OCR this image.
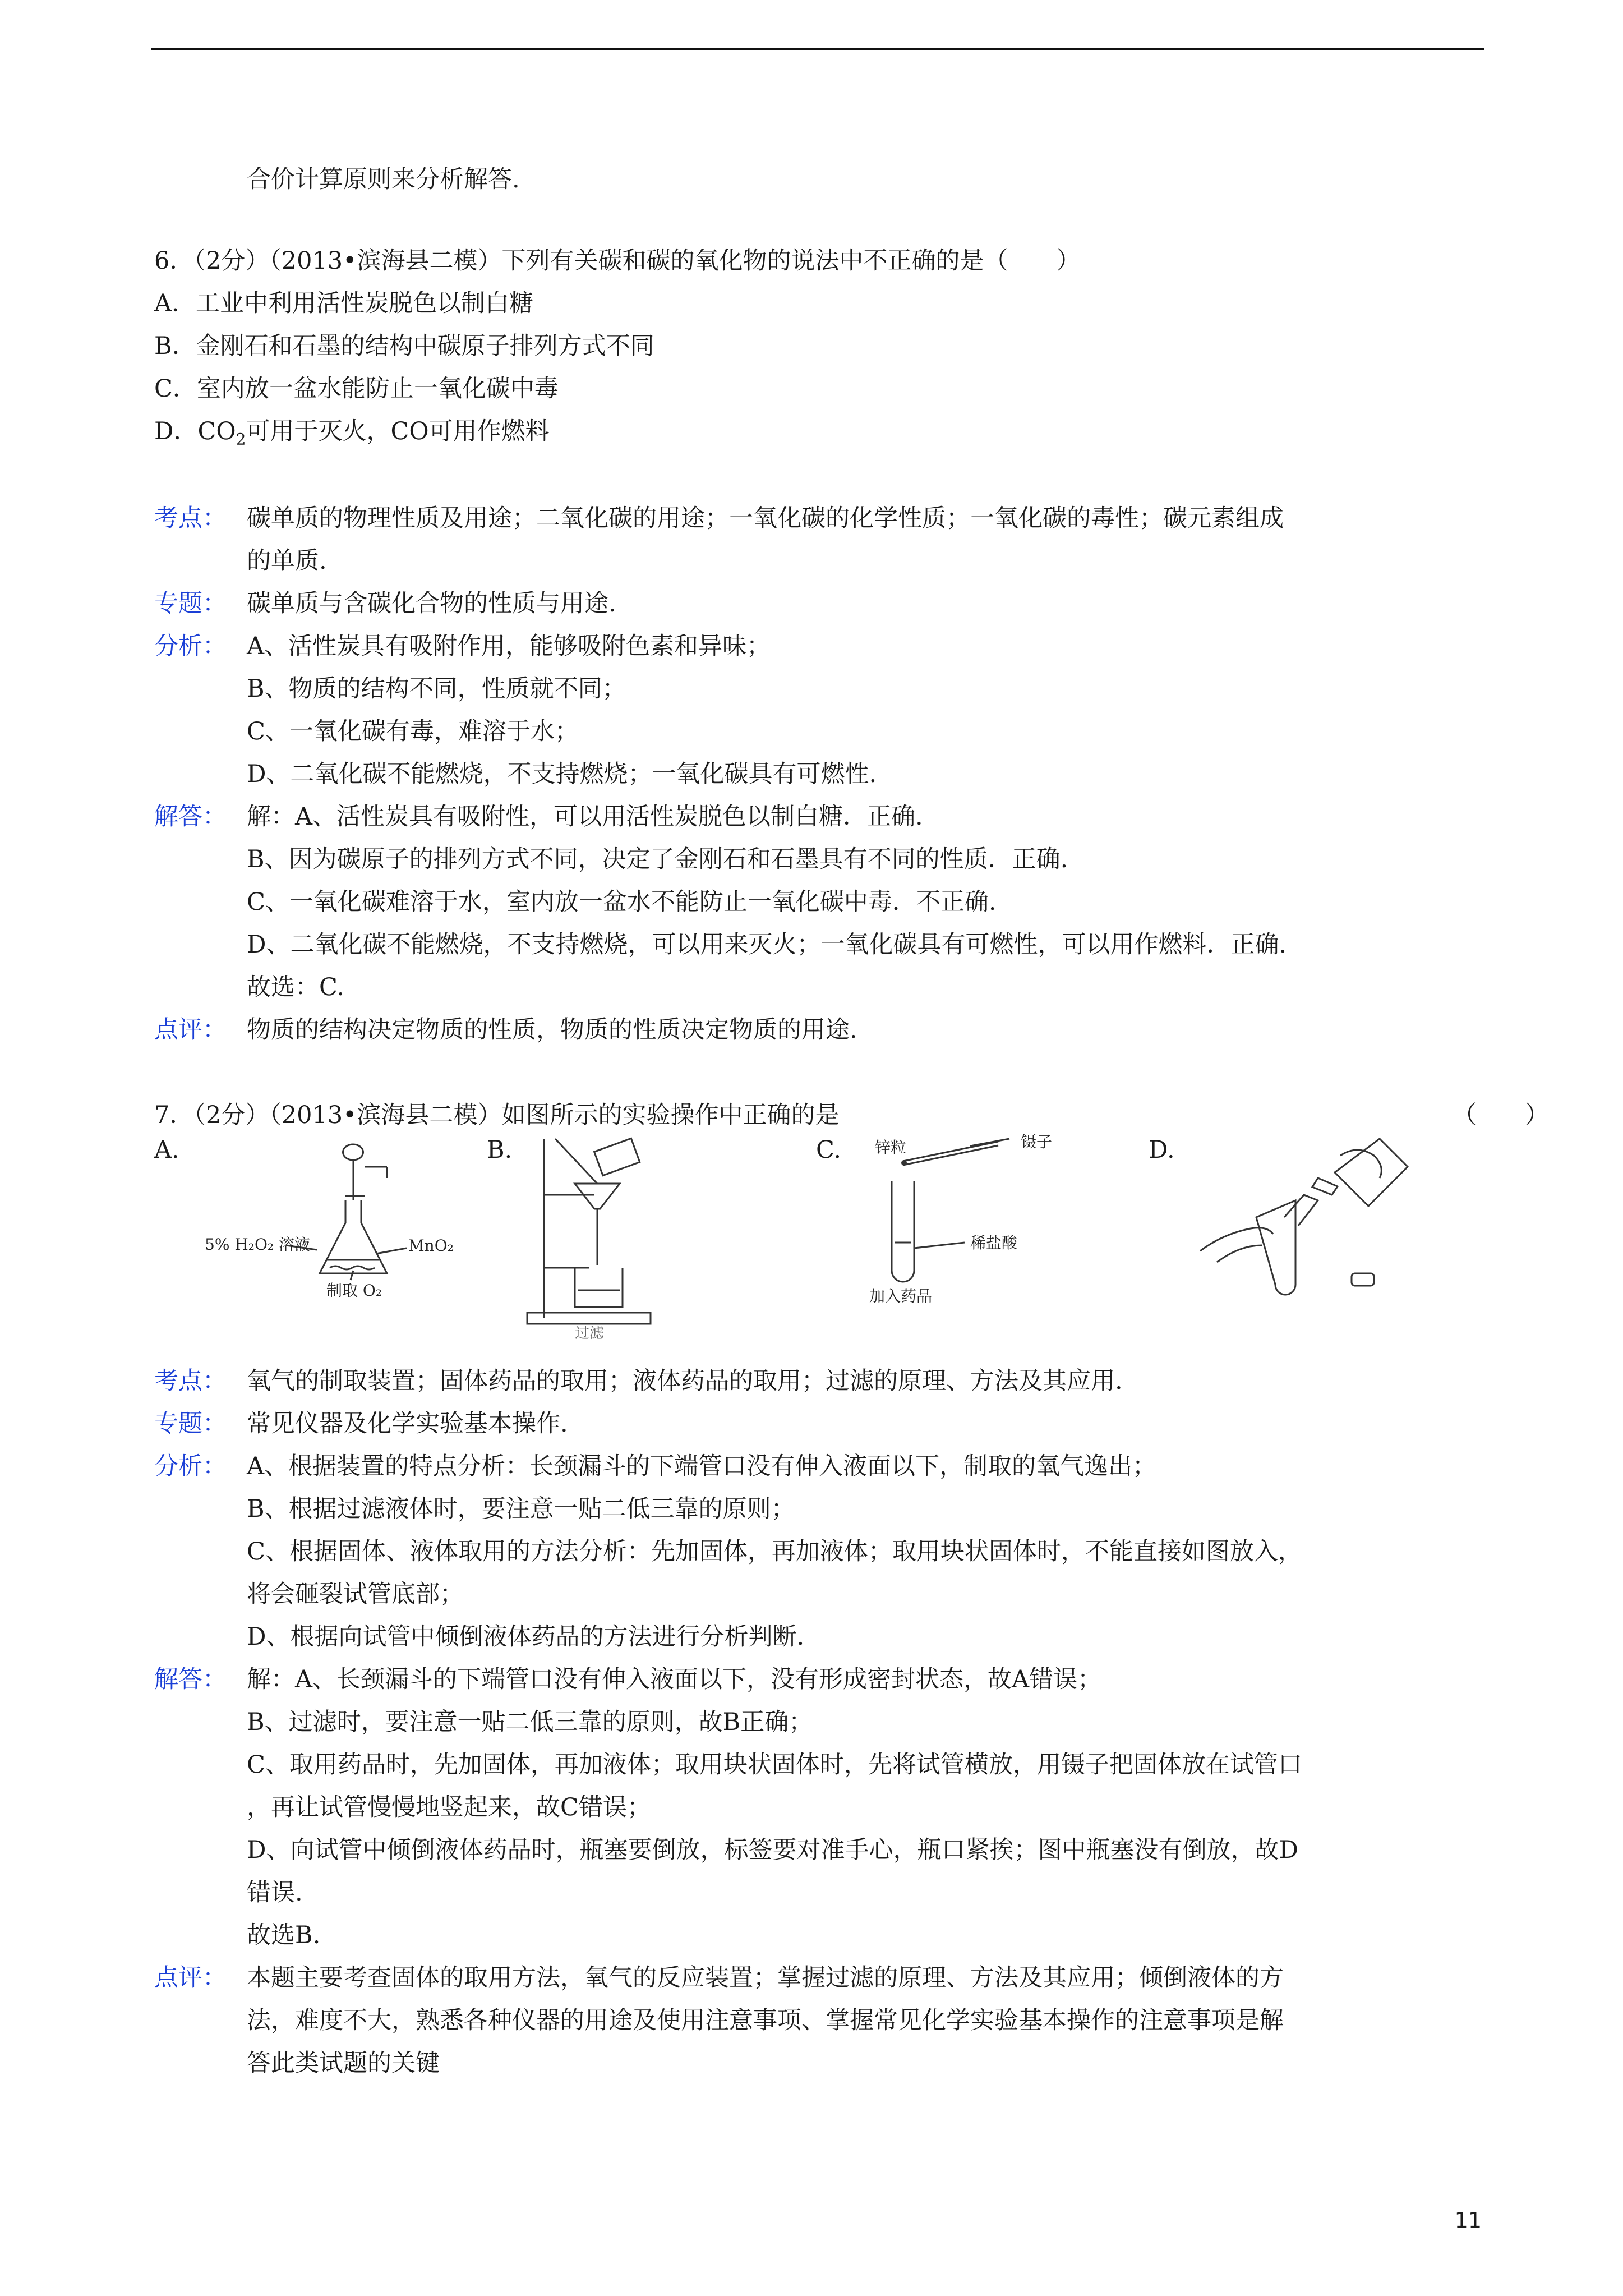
合价计算原则来分析解答.
6．（2分）（2013•滨海县二模）下列有关碳和碳的氧化物的说法中不正确的是（　　）
A．工业中利用活性炭脱色以制白糖
B．金刚石和石墨的结构中碳原子排列方式不同
C．室内放一盆水能防止一氧化碳中毒
D．$CO_2$可用于灭火，CO可用作燃料
考点： 碳单质的物理性质及用途；二氧化碳的用途；一氧化碳的化学性质；一氧化碳的毒性；碳元素组成
的单质.
专题： 碳单质与含碳化合物的性质与用途.
分析： A、活性炭具有吸附作用，能够吸附色素和异味；
B、物质的结构不同，性质就不同；
C、一氧化碳有毒，难溶于水；
D、二氧化碳不能燃烧，不支持燃烧；一氧化碳具有可燃性.
解答： 解：A、活性炭具有吸附性，可以用活性炭脱色以制白糖．正确.
B、因为碳原子的排列方式不同，决定了金刚石和石墨具有不同的性质．正确.
C、一氧化碳难溶于水，室内放一盆水不能防止一氧化碳中毒．不正确.
D、二氧化碳不能燃烧，不支持燃烧，可以用来灭火；一氧化碳具有可燃性，可以用作燃料．正确.
故选：C.
点评： 物质的结构决定物质的性质，物质的性质决定物质的用途.
7．（2分）（2013•滨海县二模）如图所示的实验操作中正确的是	（　　）
A.	B.	C.	D.
5% H₂O₂ 溶液	MnO₂
制取 O₂
过滤
锌粒	镊子
稀盐酸
加入药品
考点： 氧气的制取装置；固体药品的取用；液体药品的取用；过滤的原理、方法及其应用.
专题： 常见仪器及化学实验基本操作.
分析： A、根据装置的特点分析：长颈漏斗的下端管口没有伸入液面以下，制取的氧气逸出；
B、根据过滤液体时，要注意一贴二低三靠的原则；
C、根据固体、液体取用的方法分析：先加固体，再加液体；取用块状固体时，不能直接如图放入，
将会砸裂试管底部；
D、根据向试管中倾倒液体药品的方法进行分析判断.
解答： 解：A、长颈漏斗的下端管口没有伸入液面以下，没有形成密封状态，故A错误；
B、过滤时，要注意一贴二低三靠的原则，故B正确；
C、取用药品时，先加固体，再加液体；取用块状固体时，先将试管横放，用镊子把固体放在试管口
，再让试管慢慢地竖起来，故C错误；
D、向试管中倾倒液体药品时，瓶塞要倒放，标签要对准手心，瓶口紧挨；图中瓶塞没有倒放，故D
错误.
故选B.
点评： 本题主要考查固体的取用方法，氧气的反应装置；掌握过滤的原理、方法及其应用；倾倒液体的方
法，难度不大，熟悉各种仪器的用途及使用注意事项、掌握常见化学实验基本操作的注意事项是解
答此类试题的关键
11
